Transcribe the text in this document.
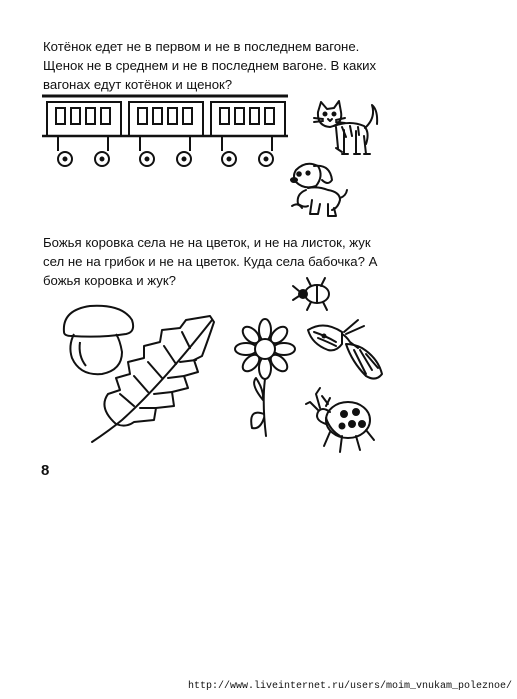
Котёнок едет не в первом и не в последнем вагоне.
Щенок не в среднем и не в последнем вагоне. В каких
вагонах едут котёнок и щенок?

Божья коровка села не на цветок, и не на листок, жук
сел не на грибок и не на цветок. Куда села бабочка? А
божья коровка и жук?

8
http://www.liveinternet.ru/users/moim_vnukam_poleznoe/
